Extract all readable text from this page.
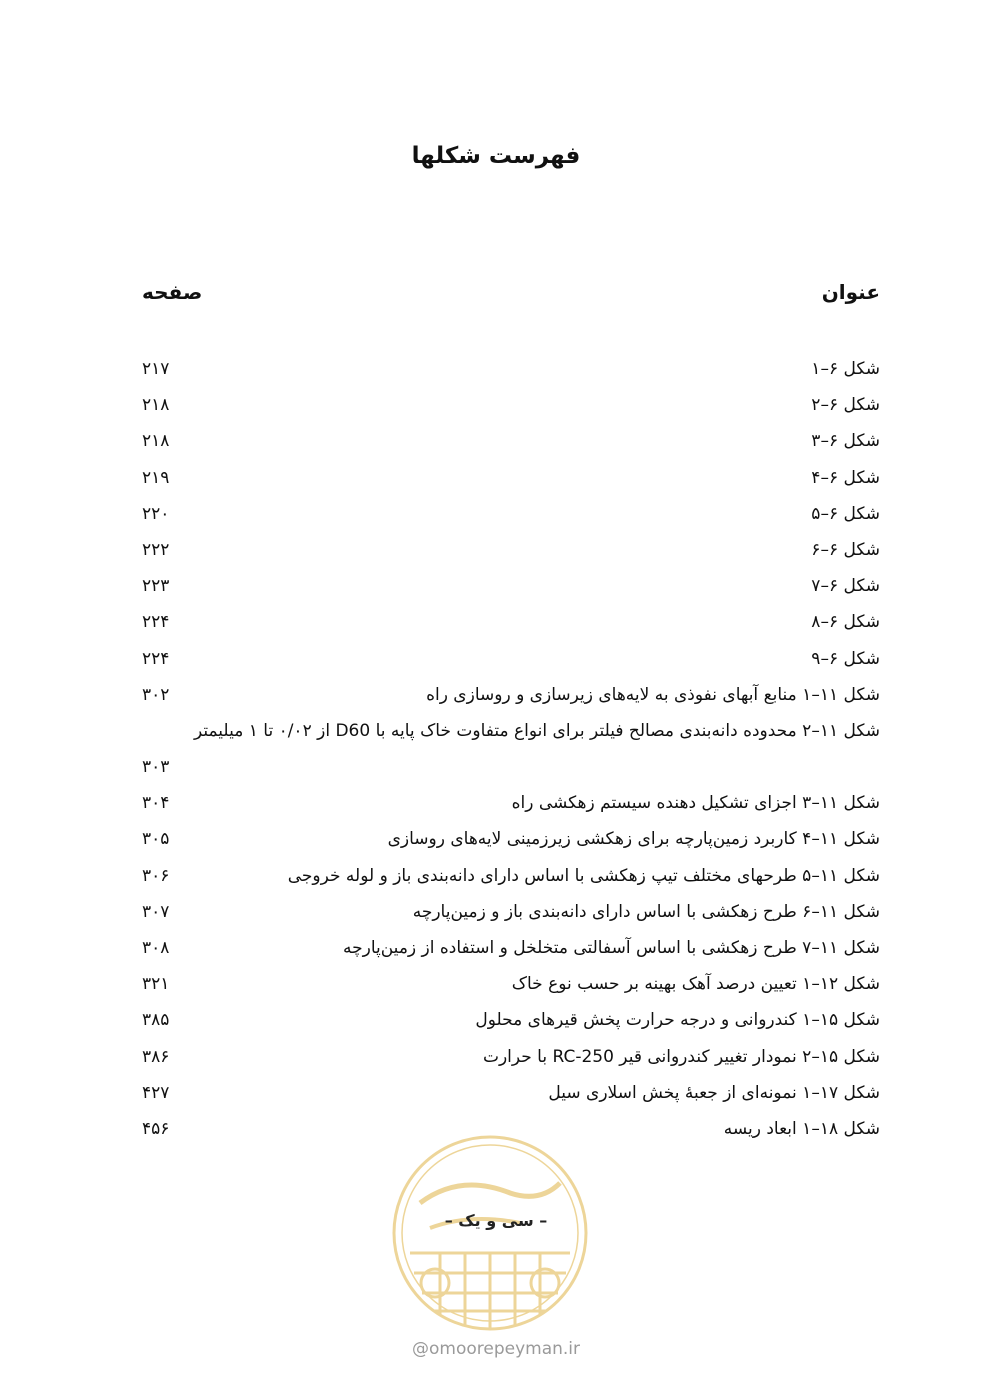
فهرست شکلها
عنوان
صفحه
شکل ۶–۱
۲۱۷
شکل ۶–۲
۲۱۸
شکل ۶–۳
۲۱۸
شکل ۶–۴
۲۱۹
شکل ۶–۵
۲۲۰
شکل ۶–۶
۲۲۲
شکل ۶–۷
۲۲۳
شکل ۶–۸
۲۲۴
شکل ۶–۹
۲۲۴
شکل ۱۱–۱ منابع آبهای نفوذی به لایه‌های زیرسازی و روسازی راه
۳۰۲
شکل ۱۱–۲ محدوده دانه‌بندی مصالح فیلتر برای انواع متفاوت خاک پایه با D60 از ۰/۰۲ تا ۱ میلیمتر
۳۰۳
شکل ۱۱–۳ اجزای تشکیل دهنده سیستم زهکشی راه
۳۰۴
شکل ۱۱–۴ کاربرد زمین‌پارچه برای زهکشی زیرزمینی لایه‌های روسازی
۳۰۵
شکل ۱۱–۵ طرحهای مختلف تیپ زهکشی با اساس دارای دانه‌بندی باز و لوله خروجی
۳۰۶
شکل ۱۱–۶ طرح زهکشی با اساس دارای دانه‌بندی باز و زمین‌پارچه
۳۰۷
شکل ۱۱–۷ طرح زهکشی با اساس آسفالتی متخلخل و استفاده از زمین‌پارچه
۳۰۸
شکل ۱۲–۱ تعیین درصد آهک بهینه بر حسب نوع خاک
۳۲۱
شکل ۱۵–۱ کندروانی و درجه حرارت پخش قیرهای محلول
۳۸۵
شکل ۱۵–۲ نمودار تغییر کندروانی قیر RC-250 با حرارت
۳۸۶
شکل ۱۷–۱ نمونه‌ای از جعبهٔ پخش اسلاری سیل
۴۲۷
شکل ۱۸–۱ ابعاد ریسه
۴۵۶
– سی و یک –
@omoorepeyman.ir
